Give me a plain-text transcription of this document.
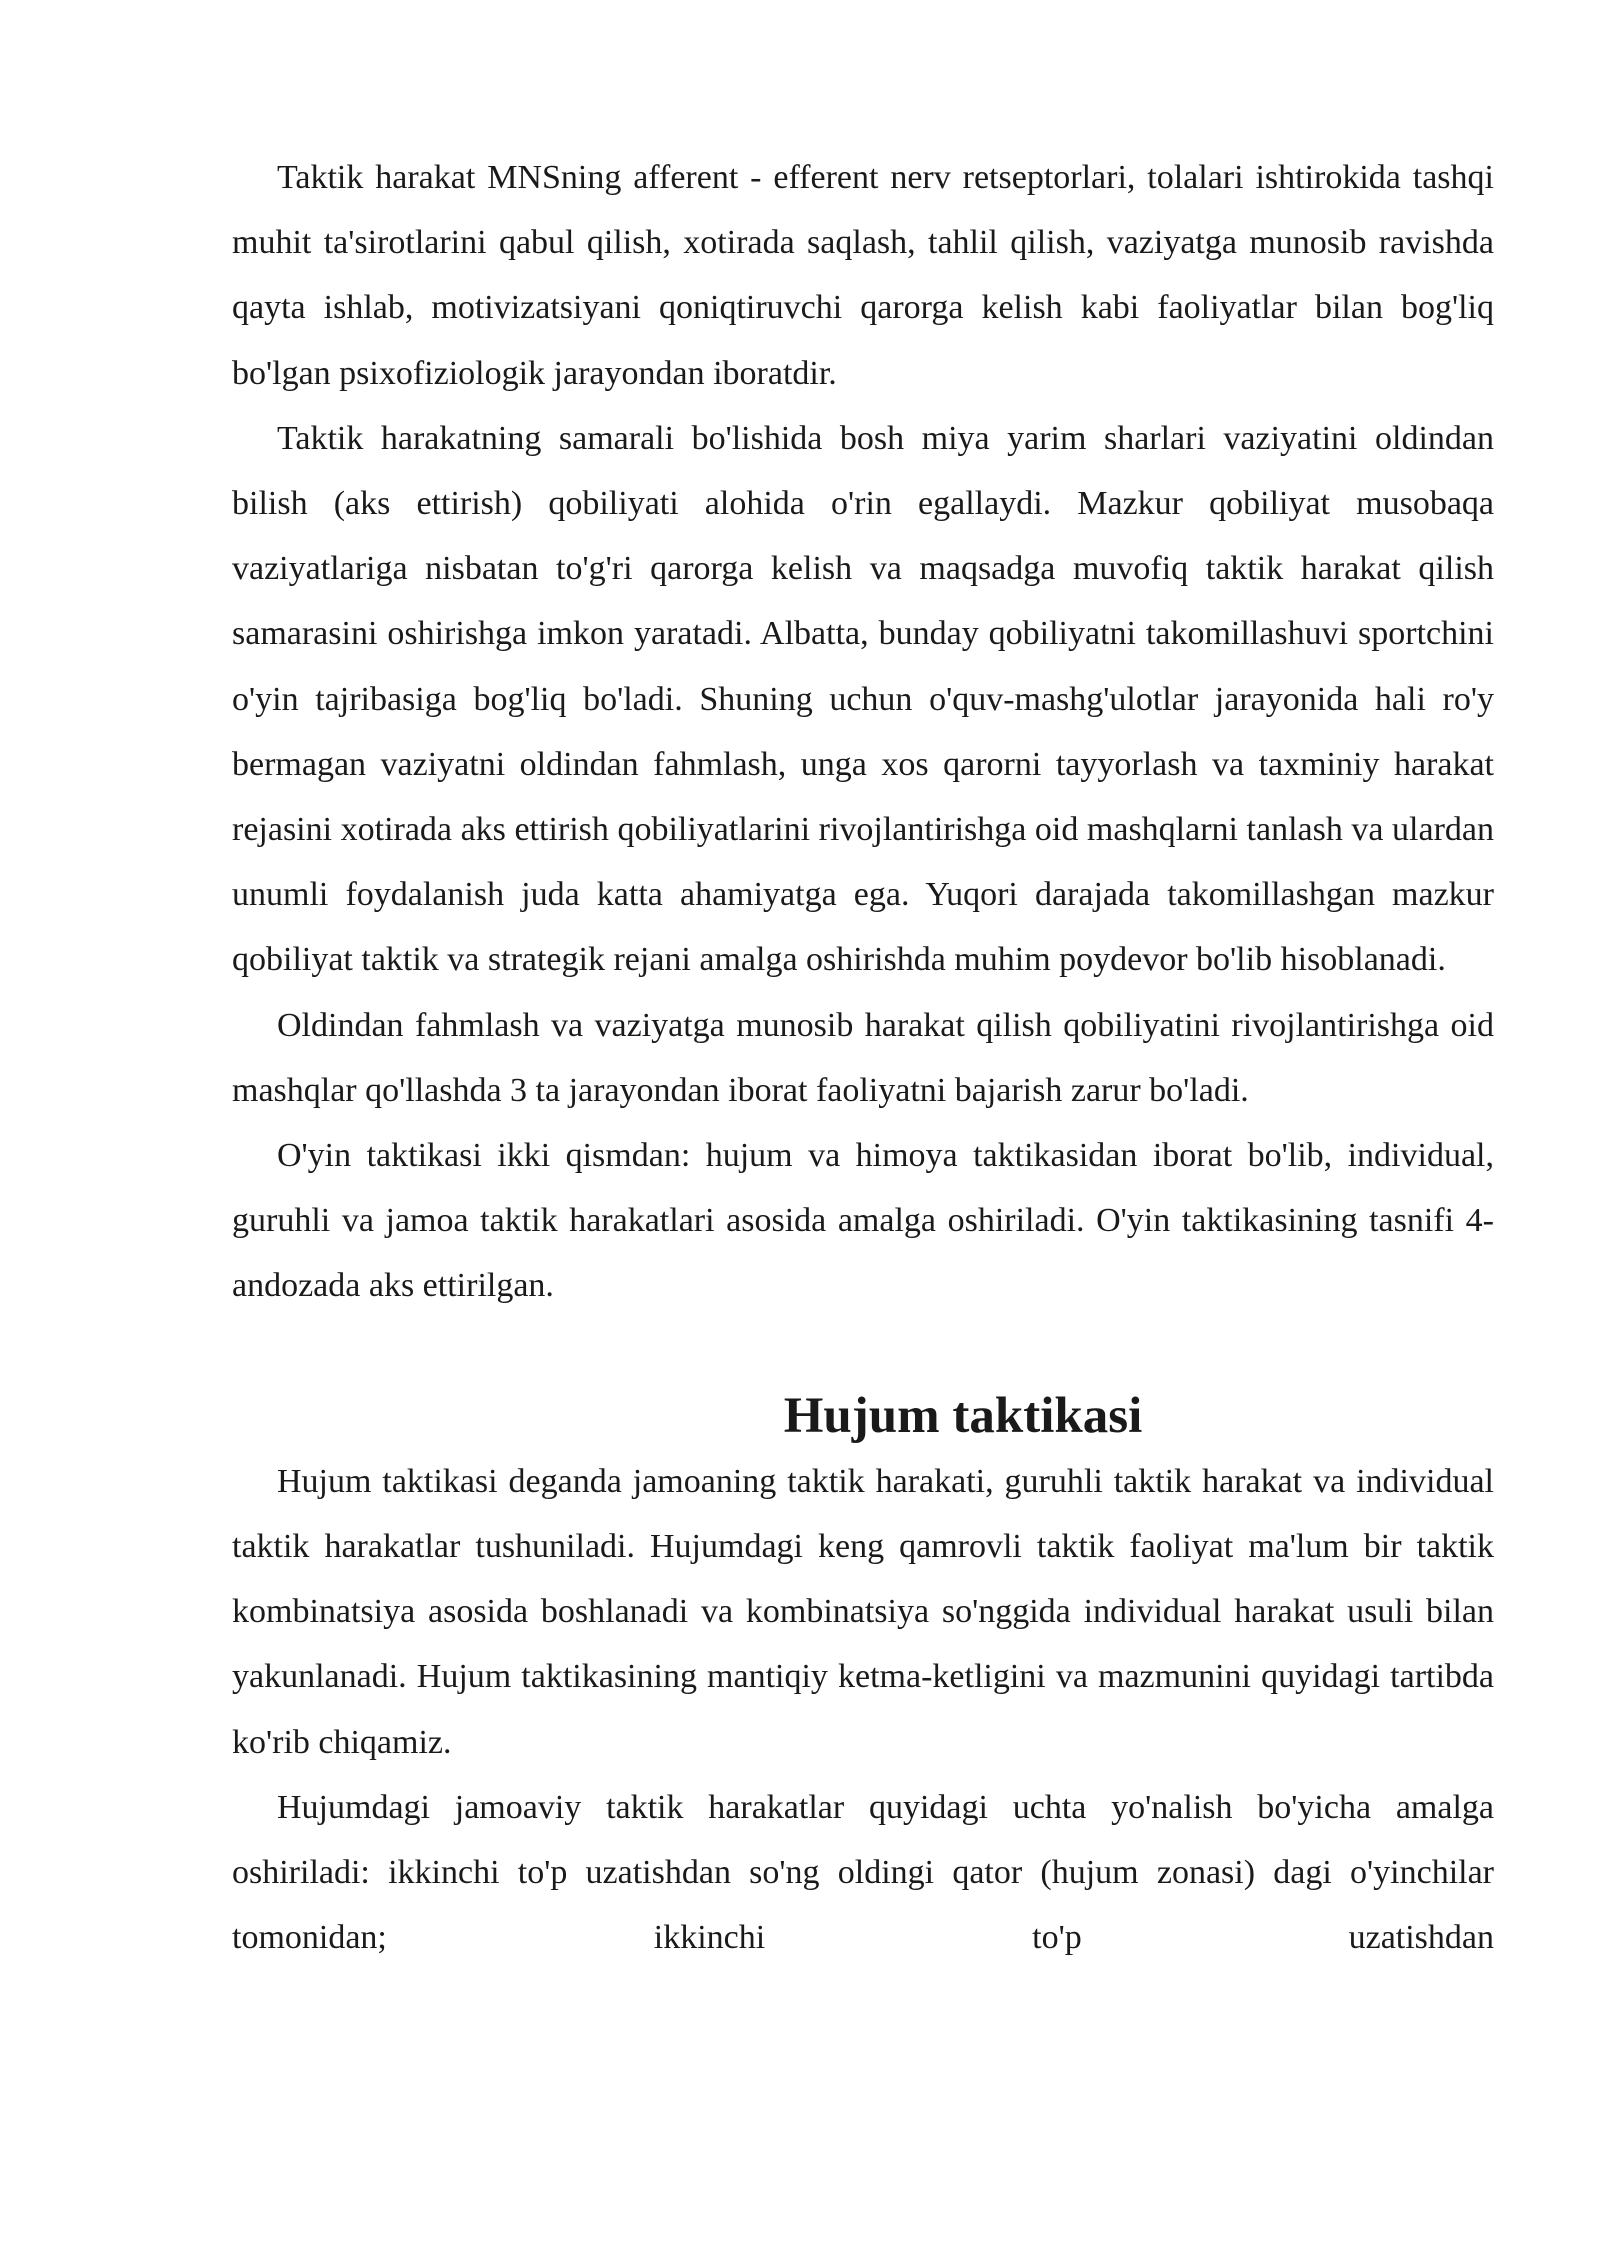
Taktik harakat MNSning afferent - efferent nerv retseptorlari, tolalari ishtirokida tashqi muhit ta'sirotlarini qabul qilish, xotirada saqlash, tahlil qilish, vaziyatga munosib ravishda qayta ishlab, motivizatsiyani qoniqtiruvchi qarorga kelish kabi faoliyatlar bilan bog'liq bo'lgan psixofiziologik jarayondan iboratdir.

Taktik harakatning samarali bo'lishida bosh miya yarim sharlari vaziyatini oldindan bilish (aks ettirish) qobiliyati alohida o'rin egallaydi. Mazkur qobiliyat musobaqa vaziyatlariga nisbatan to'g'ri qarorga kelish va maqsadga muvofiq taktik harakat qilish samarasini oshirishga imkon yaratadi. Albatta, bunday qobiliyatni takomillashuvi sportchini o'yin tajribasiga bog'liq bo'ladi. Shuning uchun o'quv-mashg'ulotlar jarayonida hali ro'y bermagan vaziyatni oldindan fahmlash, unga xos qarorni tayyorlash va taxminiy harakat rejasini xotirada aks ettirish qobiliyatlarini rivojlantirishga oid mashqlarni tanlash va ulardan unumli foydalanish juda katta ahamiyatga ega. Yuqori darajada takomillashgan mazkur qobiliyat taktik va strategik rejani amalga oshirishda muhim poydevor bo'lib hisoblanadi.

Oldindan fahmlash va vaziyatga munosib harakat qilish qobiliyatini rivojlantirishga oid mashqlar qo'llashda 3 ta jarayondan iborat faoliyatni bajarish zarur bo'ladi.

O'yin taktikasi ikki qismdan: hujum va himoya taktikasidan iborat bo'lib, individual, guruhli va jamoa taktik harakatlari asosida amalga oshiriladi. O'yin taktikasining tasnifi 4-andozada aks ettirilgan.

Hujum taktikasi

Hujum taktikasi deganda jamoaning taktik harakati, guruhli taktik harakat va individual taktik harakatlar tushuniladi. Hujumdagi keng qamrovli taktik faoliyat ma'lum bir taktik kombinatsiya asosida boshlanadi va kombinatsiya so'nggida individual harakat usuli bilan yakunlanadi. Hujum taktikasining mantiqiy ketma-ketligini va mazmunini quyidagi tartibda ko'rib chiqamiz.

Hujumdagi jamoaviy taktik harakatlar quyidagi uchta yo'nalish bo'yicha amalga oshiriladi: ikkinchi to'p uzatishdan so'ng oldingi qator (hujum zonasi) dagi o'yinchilar tomonidan; ikkinchi to'p uzatishdan
